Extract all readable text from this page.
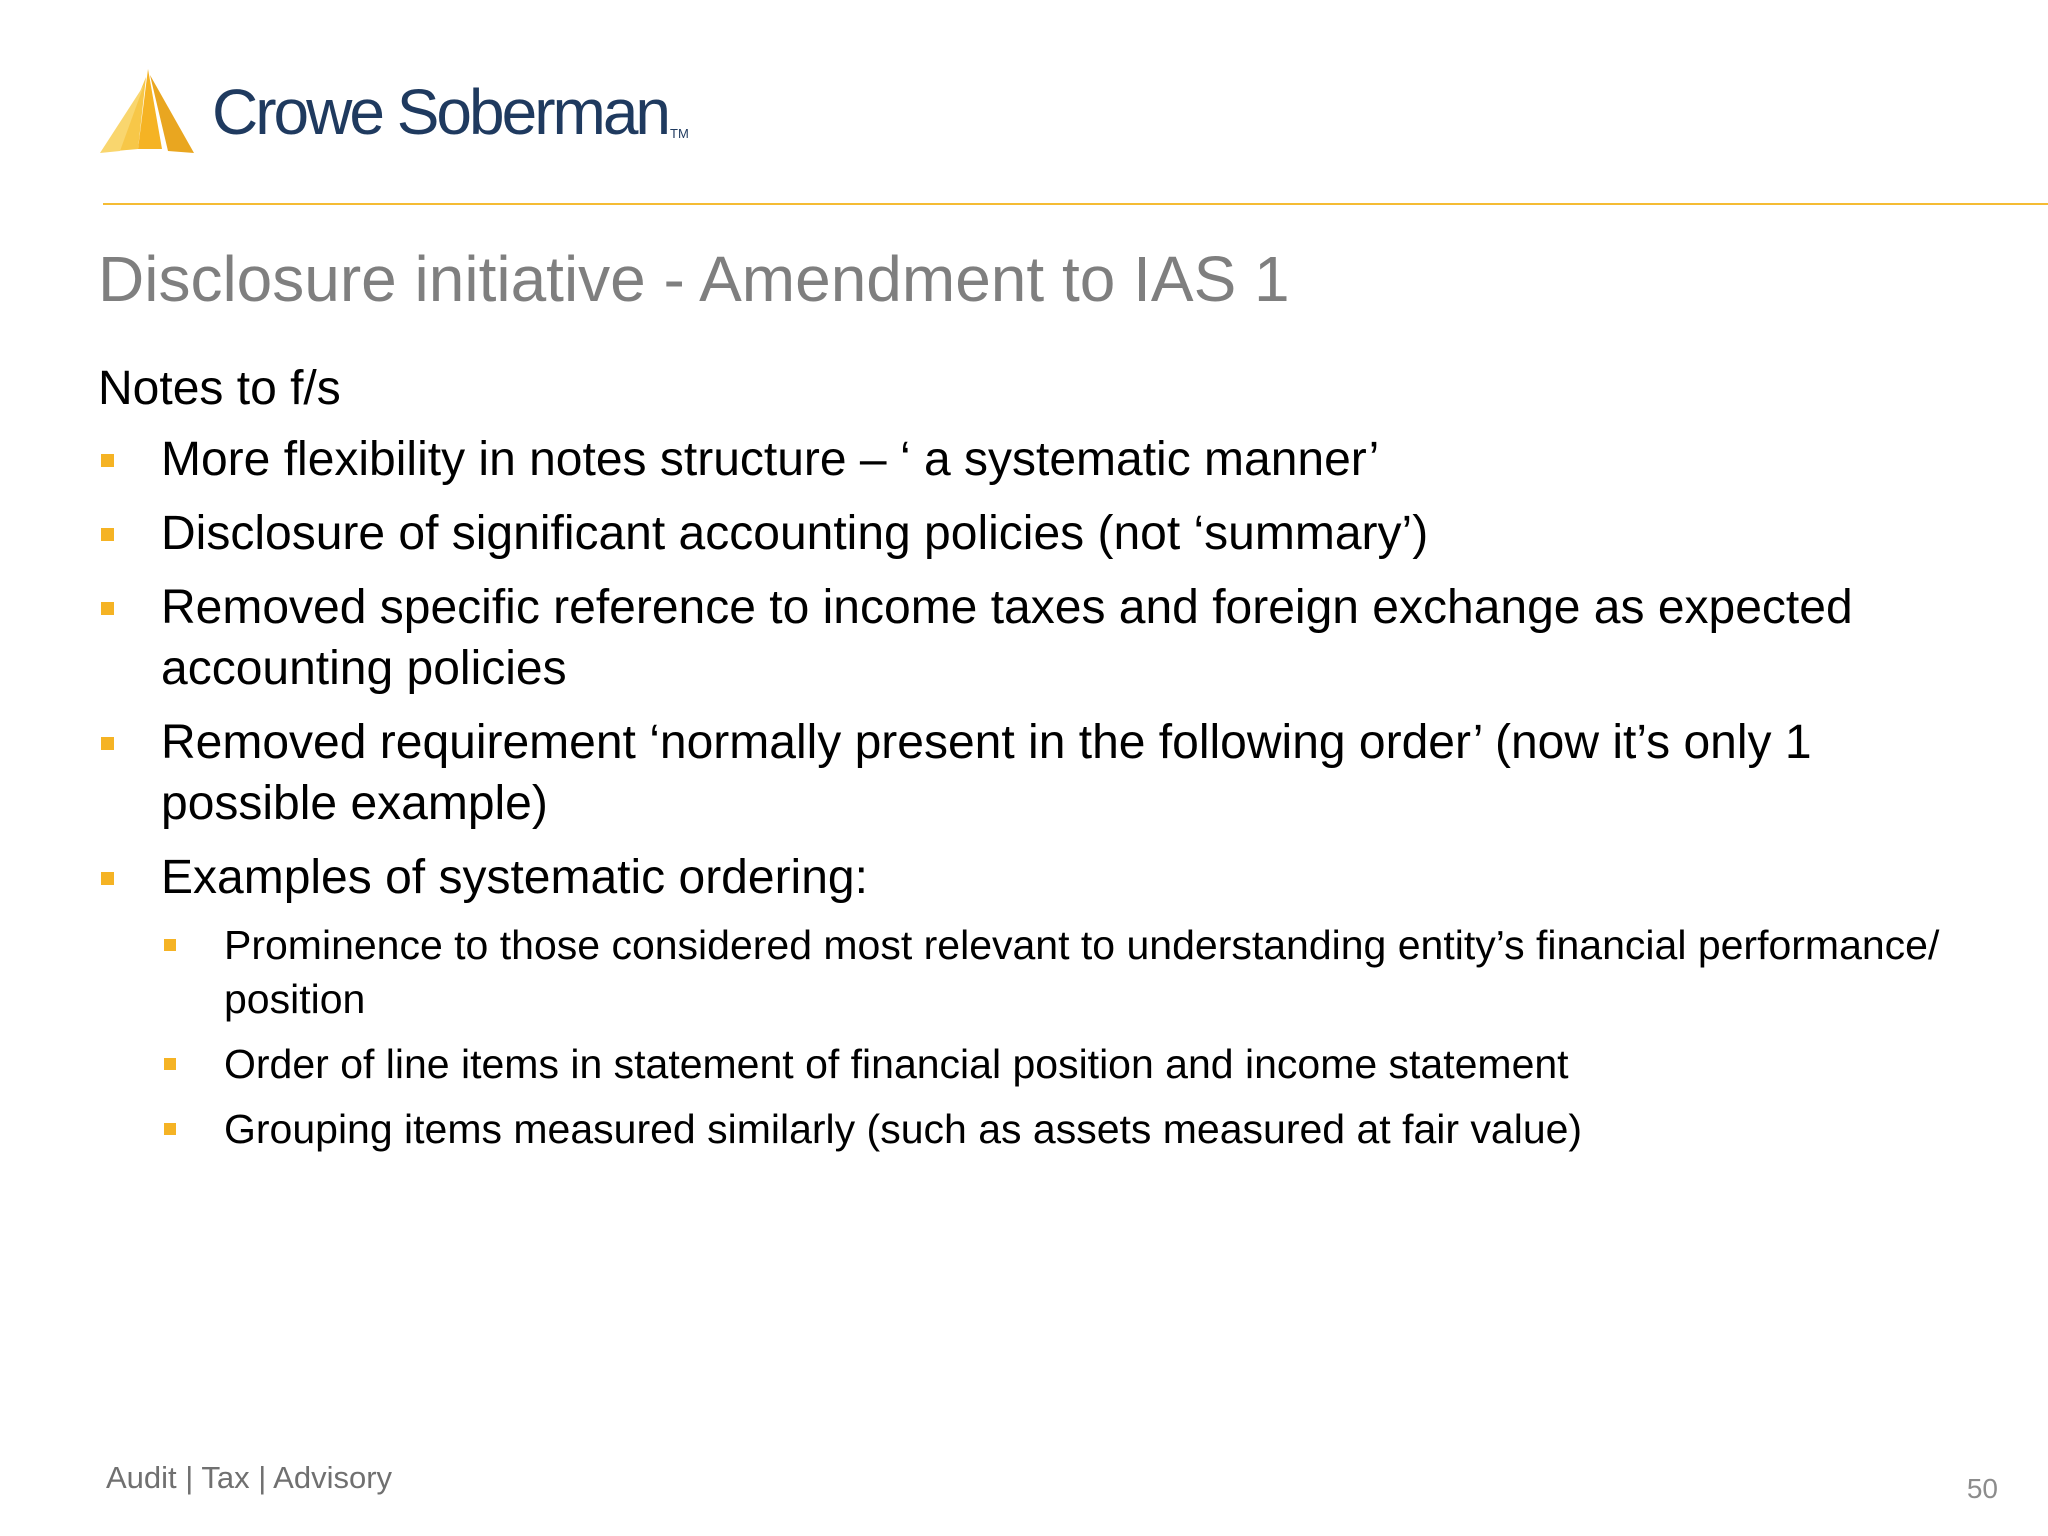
Crowe Soberman TM
Disclosure initiative - Amendment to IAS 1
Notes to f/s
More flexibility in notes structure – ‘ a systematic manner’
Disclosure of significant accounting policies (not ‘summary’)
Removed specific reference to income taxes and foreign exchange as expected accounting policies
Removed requirement ‘normally present in the following order’ (now it’s only 1 possible example)
Examples of systematic ordering:
Prominence to those considered most relevant to understanding entity’s financial performance/ position
Order of line items in statement of financial position and income statement
Grouping items measured similarly (such as assets measured at fair value)
Audit | Tax | Advisory	50
